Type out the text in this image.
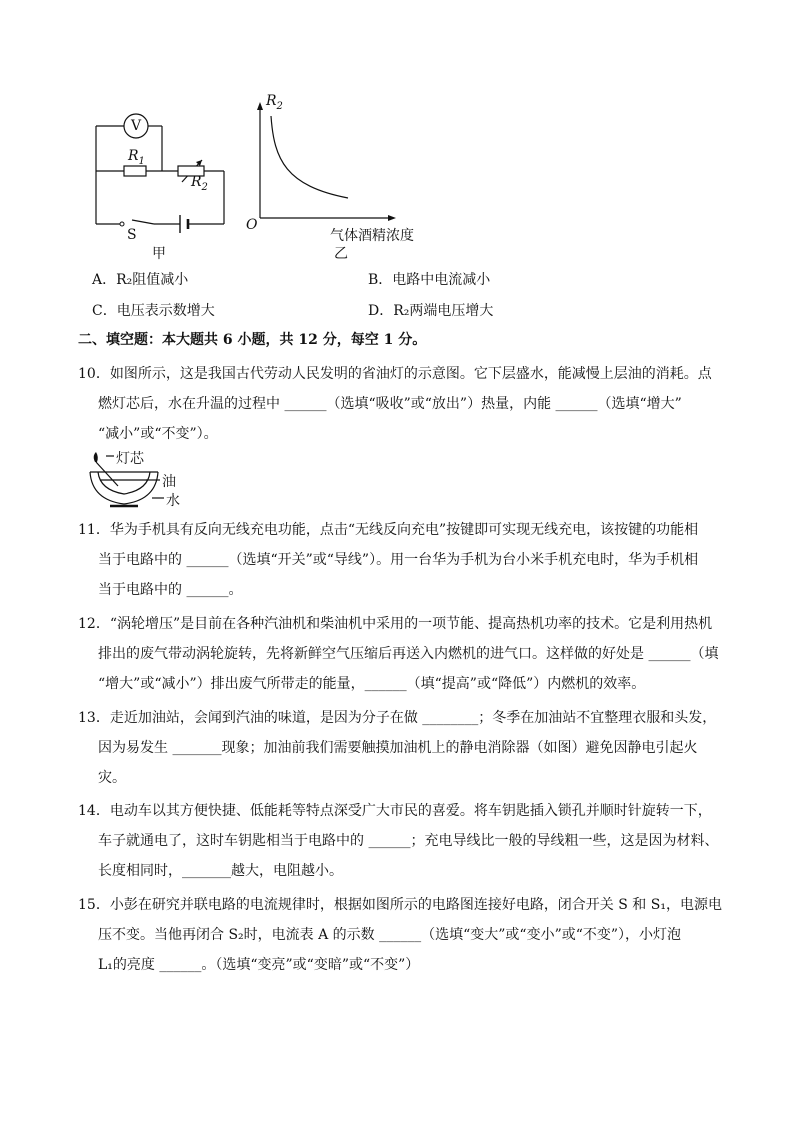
V
$R_1$
$R_2$
S
甲
$R_2$
O
气体酒精浓度
乙
A．R₂阻值减小	B．电路中电流减小
C．电压表示数增大	D．R₂两端电压增大
二、填空题：本大题共 6 小题，共 12 分，每空 1 分。
10．如图所示，这是我国古代劳动人民发明的省油灯的示意图。它下层盛水，能减慢上层油的消耗。点
燃灯芯后，水在升温的过程中 ______（选填“吸收”或“放出”）热量，内能 ______（选填“增大”
“减小”或“不变”）。
灯芯
油
水
11．华为手机具有反向无线充电功能，点击“无线反向充电”按键即可实现无线充电，该按键的功能相
当于电路中的 ______（选填“开关”或“导线”）。用一台华为手机为台小米手机充电时，华为手机相
当于电路中的 ______。
12．“涡轮增压”是目前在各种汽油机和柴油机中采用的一项节能、提高热机功率的技术。它是利用热机
排出的废气带动涡轮旋转，先将新鲜空气压缩后再送入内燃机的进气口。这样做的好处是 ______（填
“增大”或“减小”）排出废气所带走的能量，______（填“提高”或“降低”）内燃机的效率。
13．走近加油站，会闻到汽油的味道，是因为分子在做 ________；冬季在加油站不宜整理衣服和头发，
因为易发生 _______现象；加油前我们需要触摸加油机上的静电消除器（如图）避免因静电引起火
灾。
14．电动车以其方便快捷、低能耗等特点深受广大市民的喜爱。将车钥匙插入锁孔并顺时针旋转一下，
车子就通电了，这时车钥匙相当于电路中的 ______；充电导线比一般的导线粗一些，这是因为材料、
长度相同时，_______越大，电阻越小。
15．小彭在研究并联电路的电流规律时，根据如图所示的电路图连接好电路，闭合开关 S 和 S₁，电源电
压不变。当他再闭合 S₂时，电流表 A 的示数 ______（选填“变大”或“变小”或“不变”），小灯泡
L₁的亮度 ______。（选填“变亮”或“变暗”或“不变”）
